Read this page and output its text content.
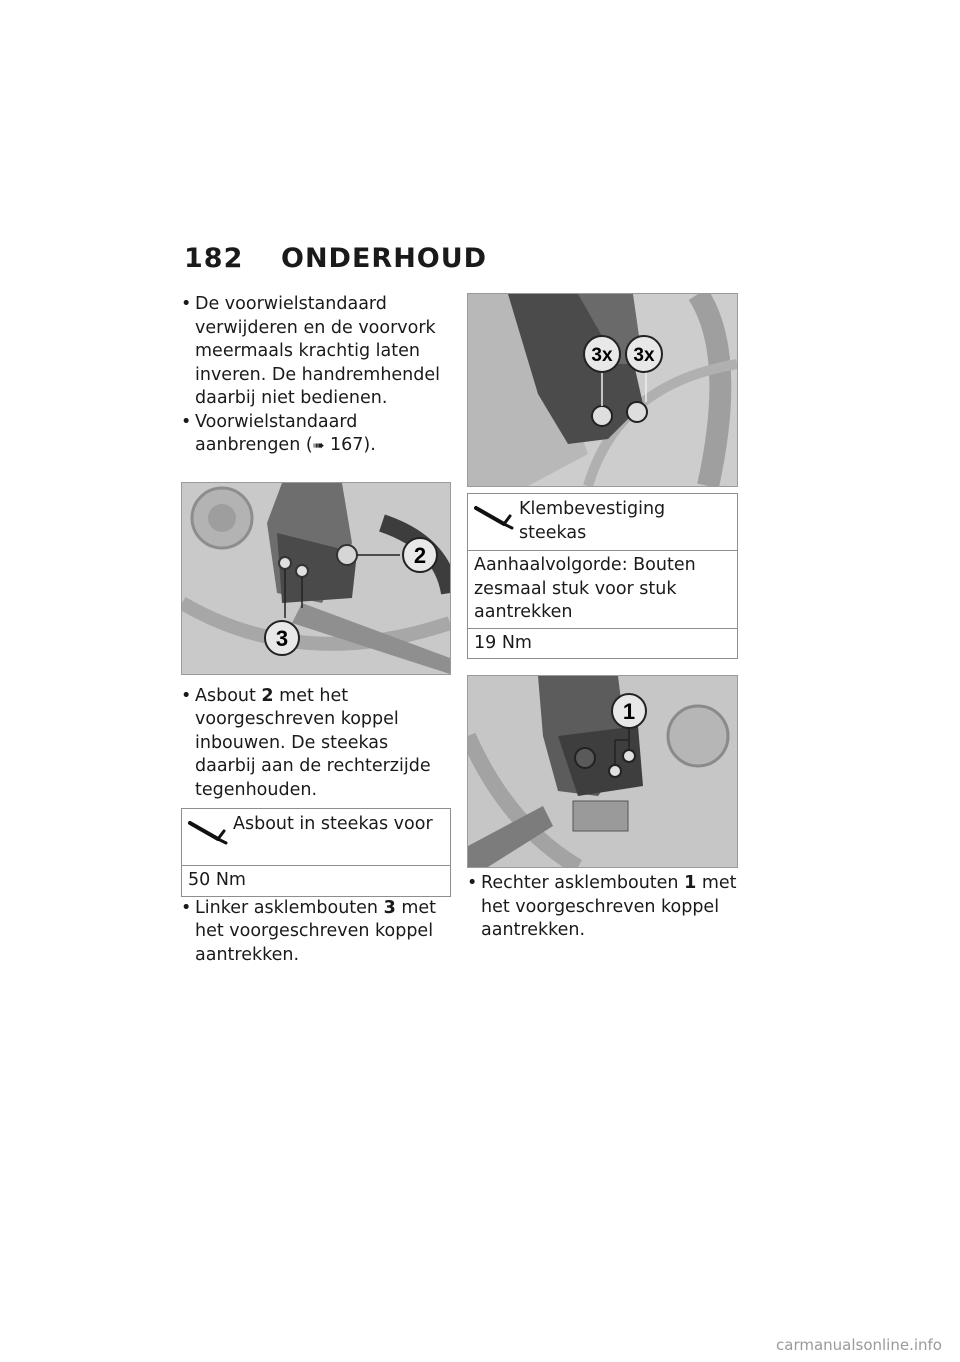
182 ONDERHOUD
• De voorwielstandaard verwijderen en de voorvork meermaals krachtig laten inveren. De handremhendel daarbij niet bedienen.
• Voorwielstandaard aanbrengen (➠ 167).
2
3
• Asbout 2 met het voorgeschreven koppel inbouwen. De steekas daarbij aan de rechterzijde tegenhouden.
Asbout in steekas voor
50 Nm
• Linker asklembouten 3 met het voorgeschreven koppel aantrekken.
3x 3x
Klembevestiging steekas
Aanhaalvolgorde: Bouten zesmaal stuk voor stuk aantrekken
19 Nm
1
• Rechter asklembouten 1 met het voorgeschreven koppel aantrekken.
carmanualsonline.info
